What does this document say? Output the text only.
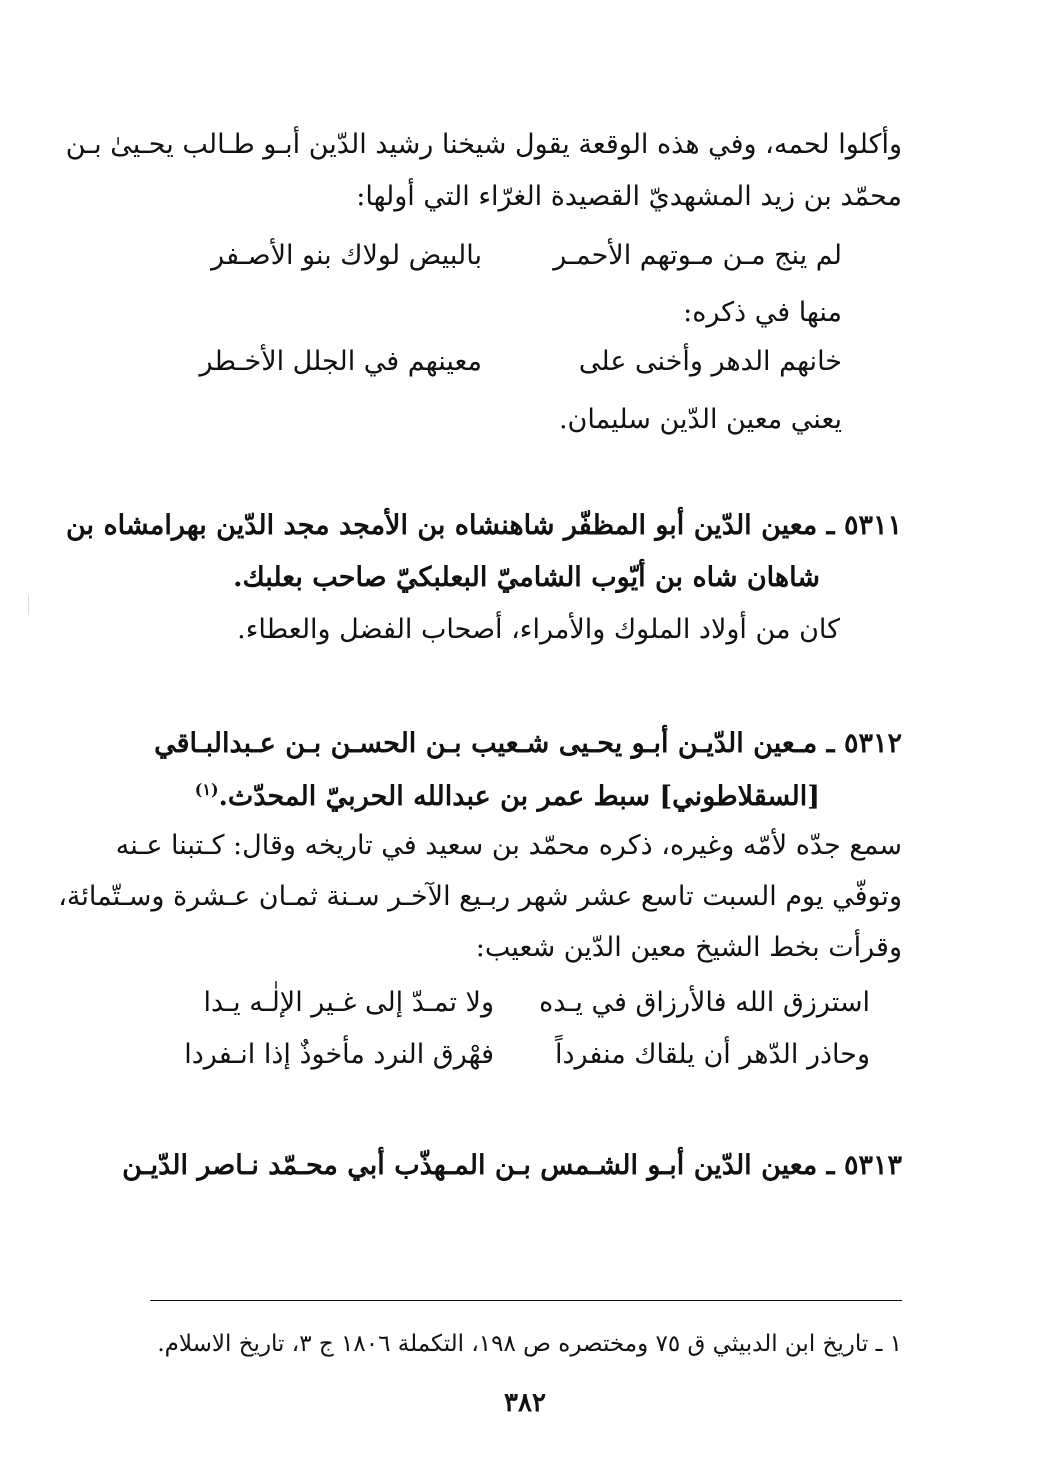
وأكلوا لحمه، وفي هذه الوقعة يقول شيخنا رشيد الدّين أبـو طـالب يحـيىٰ بـن
محمّد بن زيد المشهديّ القصيدة الغرّاء التي أولها:
لم ينج مـن مـوتهم الأحمـر
بالبيض لولاك بنو الأصـفر
منها في ذكره:
خانهم الدهر وأخنى على
معينهم في الجلل الأخـطر
يعني معين الدّين سليمان.
٥٣١١ ـ معين الدّين أبو المظفّر شاهنشاه بن الأمجد مجد الدّين بهرامشاه بن
شاهان شاه بن أيّوب الشاميّ البعلبكيّ صاحب بعلبك.
كان من أولاد الملوك والأمراء، أصحاب الفضل والعطاء.
٥٣١٢ ـ مـعين الدّيـن أبـو يحـيى شـعيب بـن الحسـن بـن عـبدالبـاقي
[السقلاطوني] سبط عمر بن عبدالله الحربيّ المحدّث.$^{(١)}$
سمع جدّه لأمّه وغيره، ذكره محمّد بن سعيد في تاريخه وقال: كـتبنا عـنه
وتوفّي يوم السبت تاسع عشر شهر ربـيع الآخـر سـنة ثمـان عـشرة وسـتّمائة،
وقرأت بخط الشيخ معين الدّين شعيب:
استرزق الله فالأرزاق في يـده
ولا تمـدّ إلى غـير الإلٰـه يـدا
وحاذر الدّهر أن يلقاك منفرداً
فهْرق النرد مأخوذٌ إذا انـفردا
٥٣١٣ ـ معين الدّين أبـو الشـمس بـن المـهذّب أبي محـمّد نـاصر الدّيـن
١ ـ تاريخ ابن الدبيثي ق ٧٥ ومختصره ص ١٩٨، التكملة ١٨٠٦ ج ٣، تاريخ الاسلام.
٣٨٢
